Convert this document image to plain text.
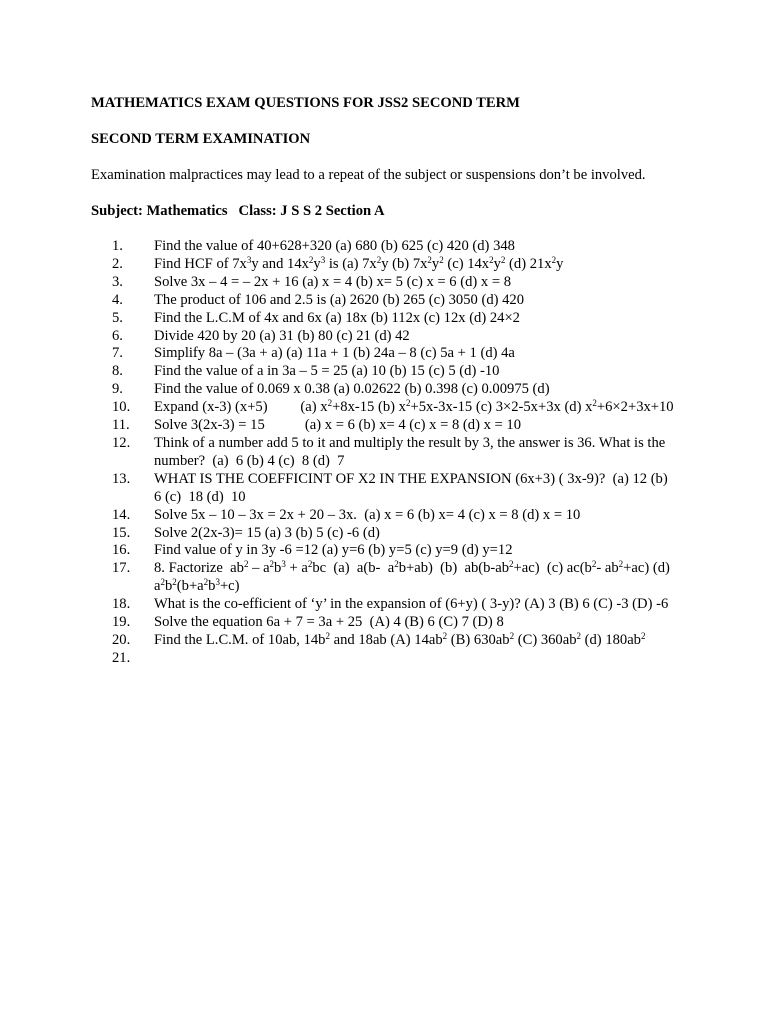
MATHEMATICS EXAM QUESTIONS FOR JSS2 SECOND TERM
SECOND TERM EXAMINATION
Examination malpractices may lead to a repeat of the subject or suspensions don’t be involved.
Subject: Mathematics   Class: J S S 2 Section A
1.	Find the value of 40+628+320 (a) 680 (b) 625 (c) 420 (d) 348
2.	Find HCF of $7x^3y$ and $14x^2y^3$ is (a) $7x^2y$ (b) $7x^2y^2$ (c) $14x^2y^2$ (d) $21x^2y$
3.	Solve 3x – 4 = – 2x + 16 (a) x = 4 (b) x= 5 (c) x = 6 (d) x = 8
4.	The product of 106 and 2.5 is (a) 2620 (b) 265 (c) 3050 (d) 420
5.	Find the L.C.M of 4x and 6x (a) 18x (b) 112x (c) 12x (d) 24×2
6.	Divide 420 by 20 (a) 31 (b) 80 (c) 21 (d) 42
7.	Simplify 8a – (3a + a) (a) 11a + 1 (b) 24a – 8 (c) 5a + 1 (d) 4a
8.	Find the value of a in 3a – 5 = 25 (a) 10 (b) 15 (c) 5 (d) -10
9.	Find the value of 0.069 x 0.38 (a) 0.02622 (b) 0.398 (c) 0.00975 (d)
10.	Expand (x-3) (x+5)         (a) $x^2+8x-15$ (b) $x^2+5x-3x-15$ (c) 3×2-5x+3x (d) $x^2+6\times 2+3x+10$
11.	Solve 3(2x-3) = 15           (a) x = 6 (b) x= 4 (c) x = 8 (d) x = 10
12.	Think of a number add 5 to it and multiply the result by 3, the answer is 36. What is the number?  (a)  6 (b) 4 (c)  8 (d)  7
13.	WHAT IS THE COEFFICINT OF X2 IN THE EXPANSION (6x+3) ( 3x-9)?  (a) 12 (b)  6 (c)  18 (d)  10
14.	Solve 5x – 10 – 3x = 2x + 20 – 3x.  (a) x = 6 (b) x= 4 (c) x = 8 (d) x = 10
15.	Solve 2(2x-3)= 15 (a) 3 (b) 5 (c) -6 (d)
16.	Find value of y in 3y -6 =12 (a) y=6 (b) y=5 (c) y=9 (d) y=12
17.	8. Factorize  $ab^2 - a^2b^3 + a^2bc$  (a)  a(b-  $a^2b+ab$)  (b)  $ab(b-ab^2+ac)$  (c) $ac(b^2-$ $ab^2+ac$) (d) $a^2b^2(b+a^2b^3+c)$
18.	What is the co-efficient of ‘y’ in the expansion of (6+y) ( 3-y)? (A) 3 (B) 6 (C) -3 (D) -6
19.	Solve the equation 6a + 7 = 3a + 25  (A) 4 (B) 6 (C) 7 (D) 8
20.	Find the L.C.M. of 10ab, $14b^2$ and 18ab (A) $14ab^2$ (B) $630ab^2$ (C) $360ab^2$ (d) $180ab^2$
21.
